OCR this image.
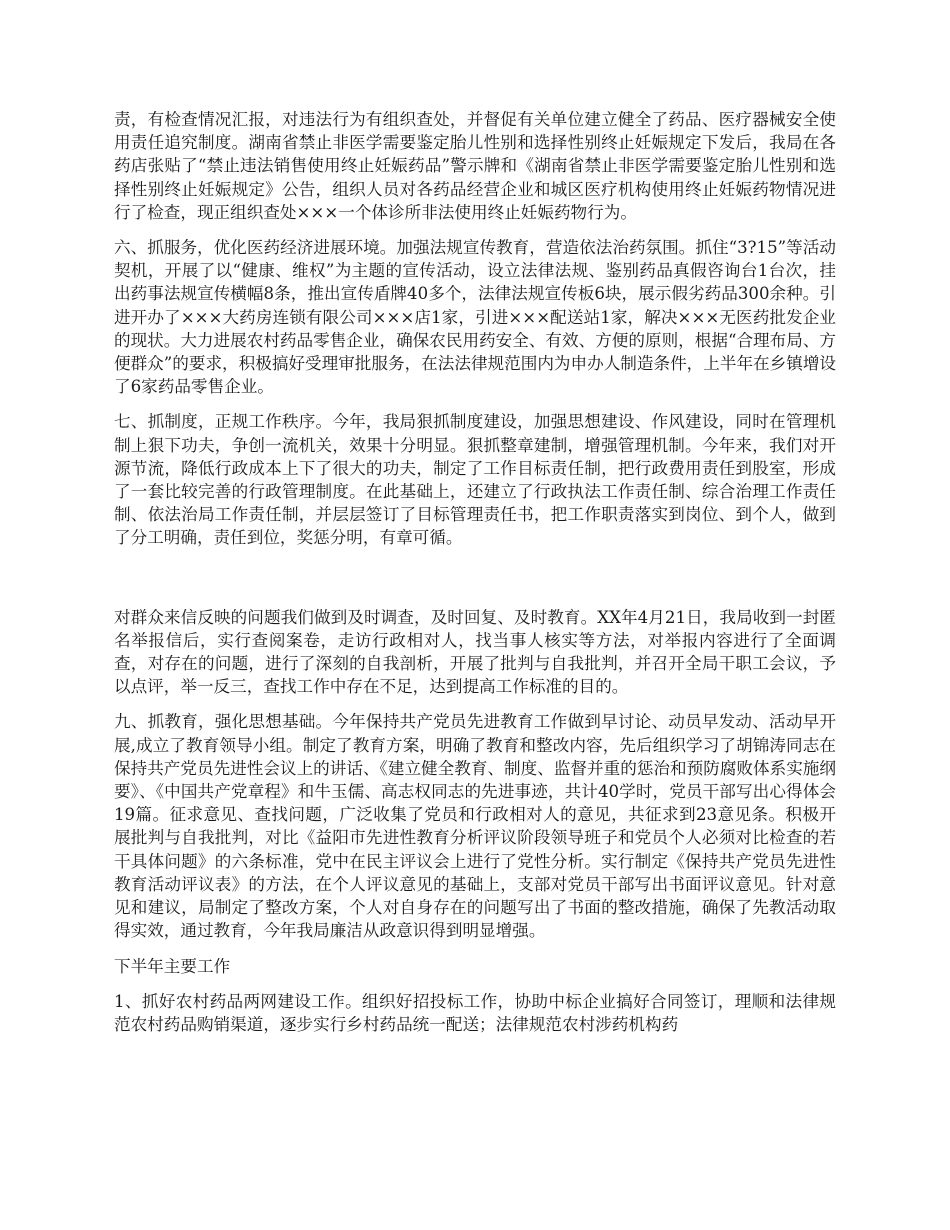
责，有检查情况汇报，对违法行为有组织查处，并督促有关单位建立健全了药品、医疗器械安全使用责任追究制度。湖南省禁止非医学需要鉴定胎儿性别和选择性别终止妊娠规定下发后，我局在各药店张贴了“禁止违法销售使用终止妊娠药品”警示牌和《湖南省禁止非医学需要鉴定胎儿性别和选择性别终止妊娠规定》公告，组织人员对各药品经营企业和城区医疗机构使用终止妊娠药物情况进行了检查，现正组织查处×××一个体诊所非法使用终止妊娠药物行为。

六、抓服务，优化医药经济进展环境。加强法规宣传教育，营造依法治药氛围。抓住“3?15”等活动契机，开展了以“健康、维权”为主题的宣传活动，设立法律法规、鉴别药品真假咨询台1台次，挂出药事法规宣传横幅8条，推出宣传盾牌40多个，法律法规宣传板6块，展示假劣药品300余种。引进开办了×××大药房连锁有限公司×××店1家，引进×××配送站1家，解决×××无医药批发企业的现状。大力进展农村药品零售企业，确保农民用药安全、有效、方便的原则，根据“合理布局、方便群众”的要求，积极搞好受理审批服务，在法法律规范围内为申办人制造条件，上半年在乡镇增设了6家药品零售企业。

七、抓制度，正规工作秩序。今年，我局狠抓制度建设，加强思想建设、作风建设，同时在管理机制上狠下功夫，争创一流机关，效果十分明显。狠抓整章建制，增强管理机制。今年来，我们对开源节流，降低行政成本上下了很大的功夫，制定了工作目标责任制，把行政费用责任到股室，形成了一套比较完善的行政管理制度。在此基础上，还建立了行政执法工作责任制、综合治理工作责任制、依法治局工作责任制，并层层签订了目标管理责任书，把工作职责落实到岗位、到个人，做到了分工明确，责任到位，奖惩分明，有章可循。

对群众来信反映的问题我们做到及时调查，及时回复、及时教育。XX年4月21日，我局收到一封匿名举报信后，实行查阅案卷，走访行政相对人，找当事人核实等方法，对举报内容进行了全面调查，对存在的问题，进行了深刻的自我剖析，开展了批判与自我批判，并召开全局干职工会议，予以点评，举一反三，查找工作中存在不足，达到提高工作标准的目的。

九、抓教育，强化思想基础。今年保持共产党员先进教育工作做到早讨论、动员早发动、活动早开展,成立了教育领导小组。制定了教育方案，明确了教育和整改内容，先后组织学习了胡锦涛同志在保持共产党员先进性会议上的讲话、《建立健全教育、制度、监督并重的惩治和预防腐败体系实施纲要》、《中国共产党章程》和牛玉儒、高志权同志的先进事迹，共计40学时，党员干部写出心得体会19篇。征求意见、查找问题，广泛收集了党员和行政相对人的意见，共征求到23意见条。积极开展批判与自我批判，对比《益阳市先进性教育分析评议阶段领导班子和党员个人必须对比检查的若干具体问题》的六条标准，党中在民主评议会上进行了党性分析。实行制定《保持共产党员先进性教育活动评议表》的方法，在个人评议意见的基础上，支部对党员干部写出书面评议意见。针对意见和建议，局制定了整改方案，个人对自身存在的问题写出了书面的整改措施，确保了先教活动取得实效，通过教育，今年我局廉洁从政意识得到明显增强。

下半年主要工作

1、抓好农村药品两网建设工作。组织好招投标工作，协助中标企业搞好合同签订，理顺和法律规范农村药品购销渠道，逐步实行乡村药品统一配送；法律规范农村涉药机构药
